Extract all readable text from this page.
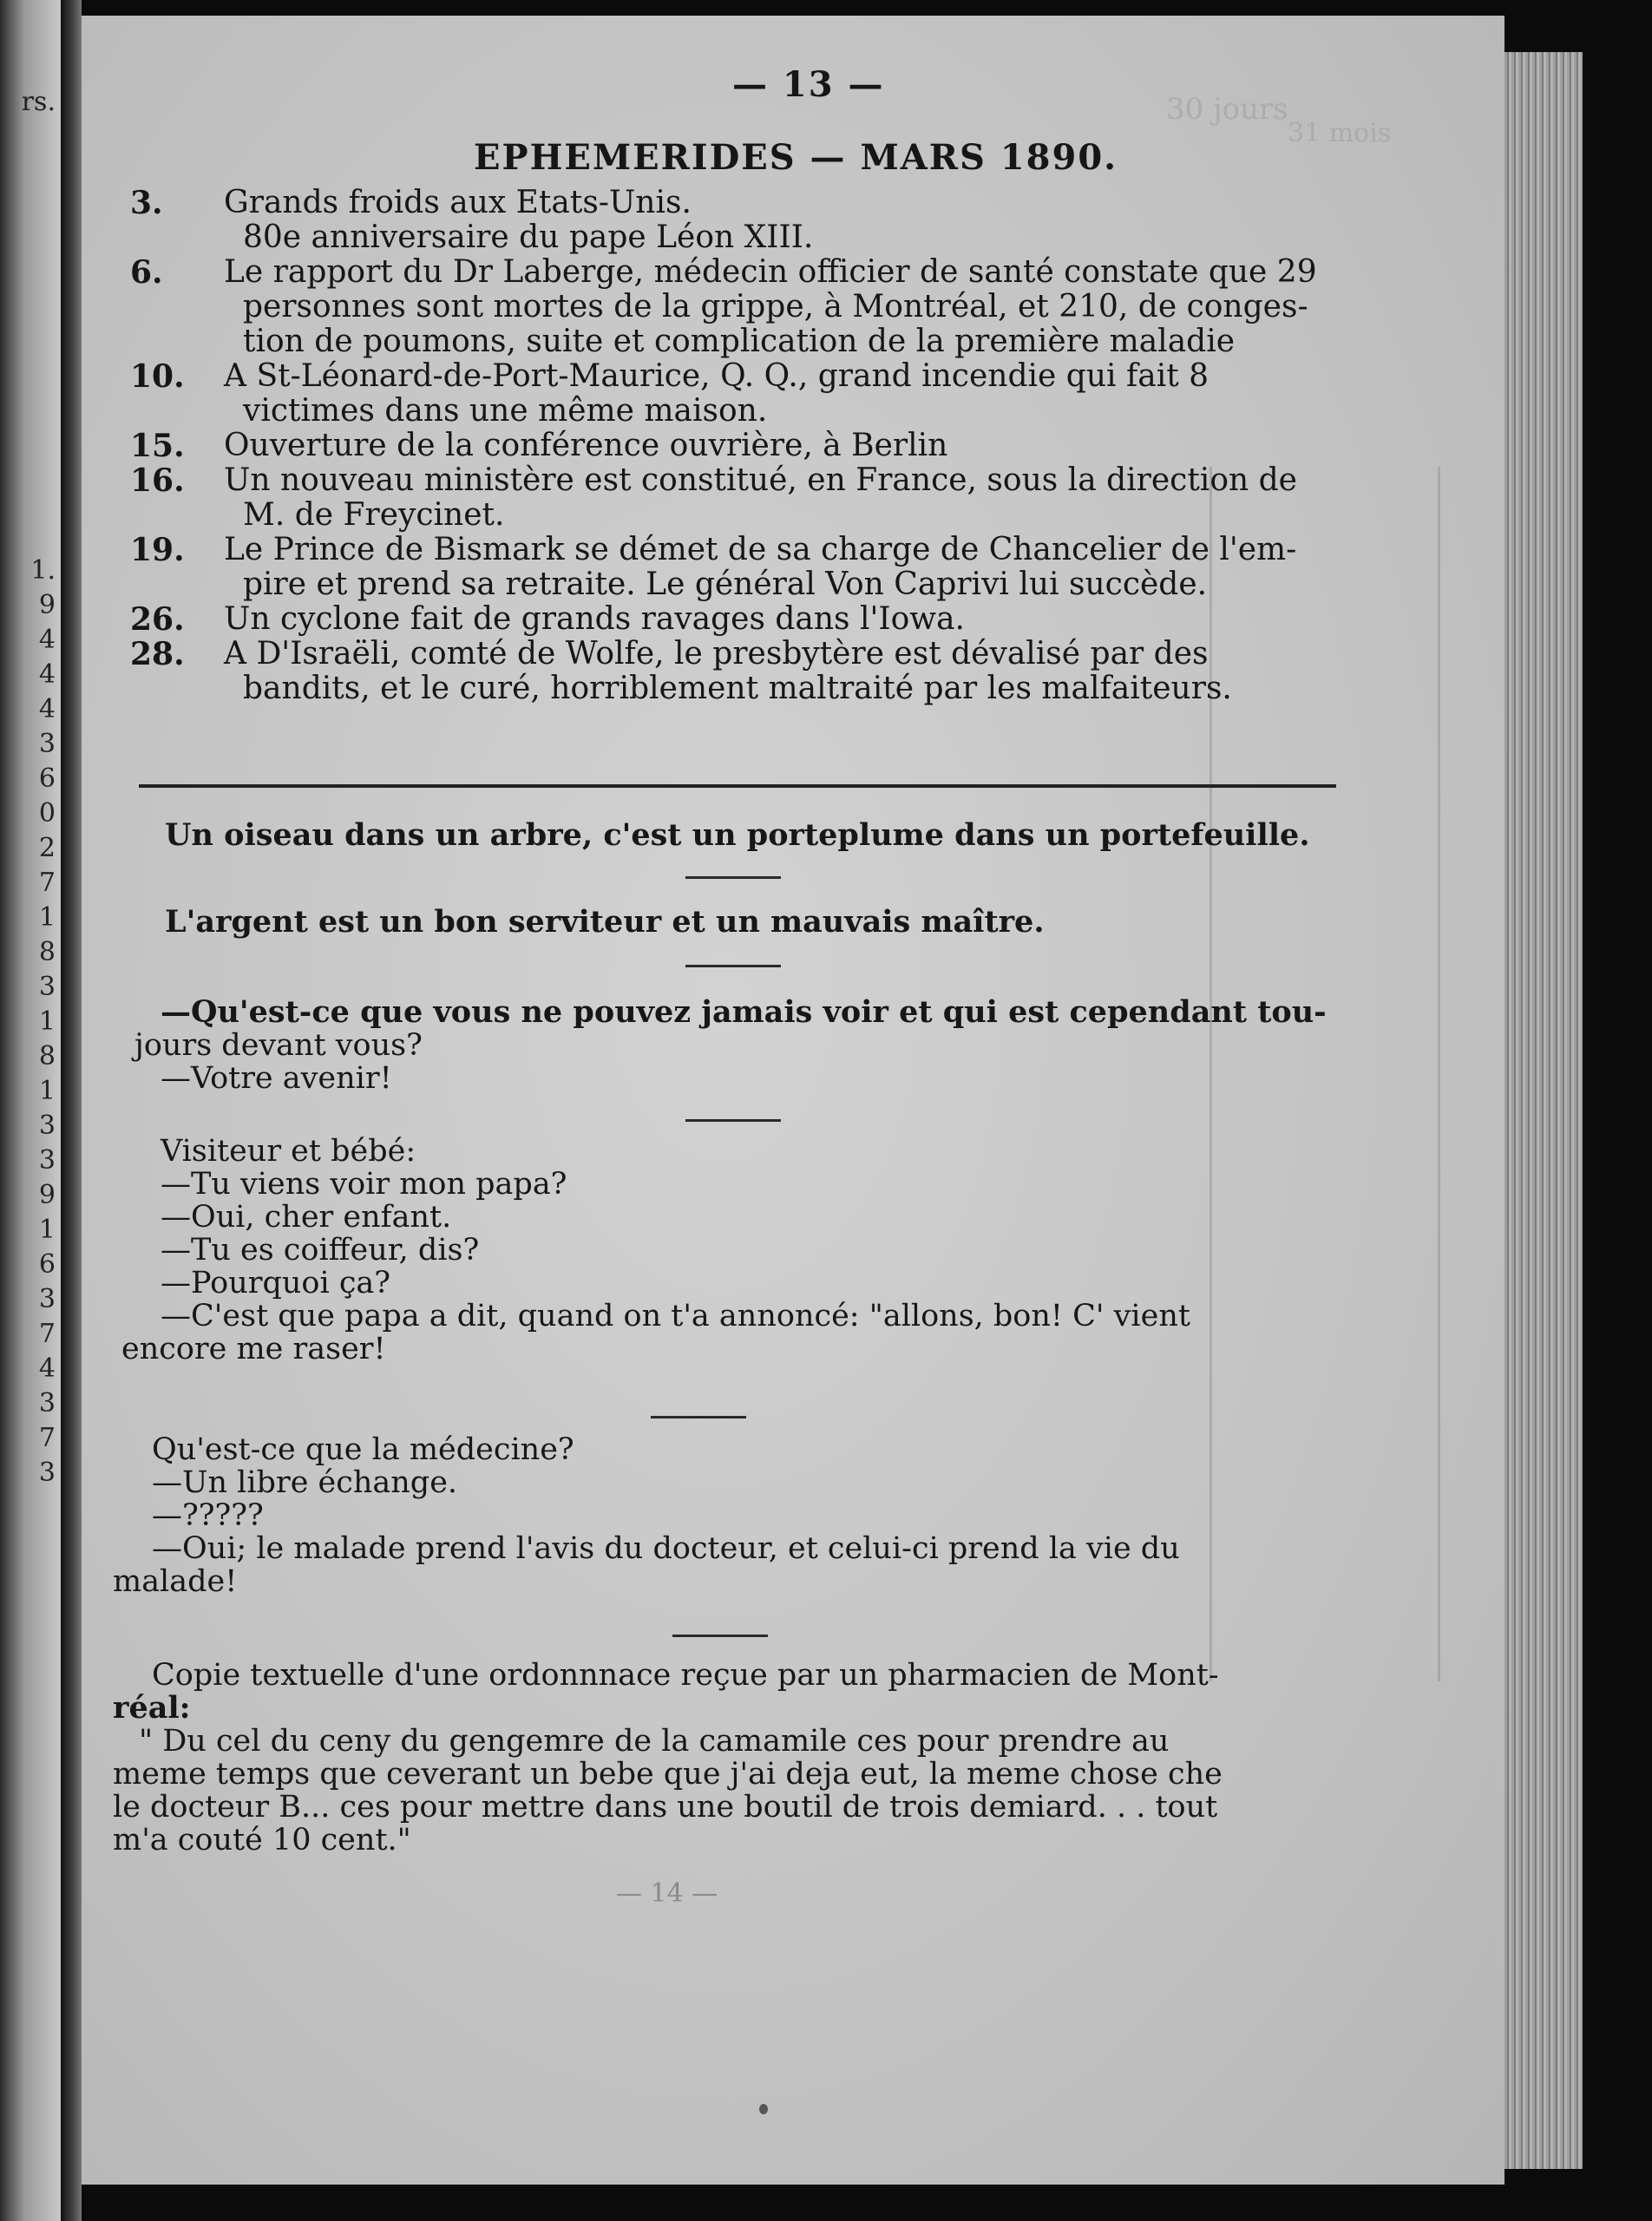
rs.
1.
9
4
4
4
3
6
0
2
7
1
8
3
1
8
1
3
3
9
1
6
3
7
4
3
7
3
30 jours
31 mois
— 13 —
EPHEMERIDES — MARS 1890.
3.	Grands froids aux Etats-Unis.
80e anniversaire du pape Léon XIII.
6.	Le rapport du Dr Laberge, médecin officier de santé constate que 29
personnes sont mortes de la grippe, à Montréal, et 210, de conges-
tion de poumons, suite et complication de la première maladie
10.	A St-Léonard-de-Port-Maurice, Q. Q., grand incendie qui fait 8
victimes dans une même maison.
15.	Ouverture de la conférence ouvrière, à Berlin
16.	Un nouveau ministère est constitué, en France, sous la direction de
M. de Freycinet.
19.	Le Prince de Bismark se démet de sa charge de Chancelier de l'em-
pire et prend sa retraite. Le général Von Caprivi lui succède.
26.	Un cyclone fait de grands ravages dans l'Iowa.
28.	A D'Israëli, comté de Wolfe, le presbytère est dévalisé par des
bandits, et le curé, horriblement maltraité par les malfaiteurs.
Un oiseau dans un arbre, c'est un porteplume dans un portefeuille.
L'argent est un bon serviteur et un mauvais maître.
—Qu'est-ce que vous ne pouvez jamais voir et qui est cependant tou-
jours devant vous?
—Votre avenir!
Visiteur et bébé:
—Tu viens voir mon papa?
—Oui, cher enfant.
—Tu es coiffeur, dis?
—Pourquoi ça?
—C'est que papa a dit, quand on t'a annoncé: "allons, bon! C' vient
encore me raser!
Qu'est-ce que la médecine?
—Un libre échange.
—?????
—Oui; le malade prend l'avis du docteur, et celui-ci prend la vie du
malade!
Copie textuelle d'une ordonnnace reçue par un pharmacien de Mont-
réal:
" Du cel du ceny du gengemre de la camamile ces pour prendre au
meme temps que ceverant un bebe que j'ai deja eut, la meme chose che
le docteur B... ces pour mettre dans une boutil de trois demiard. . . tout
m'a couté 10 cent."
— 14 —
